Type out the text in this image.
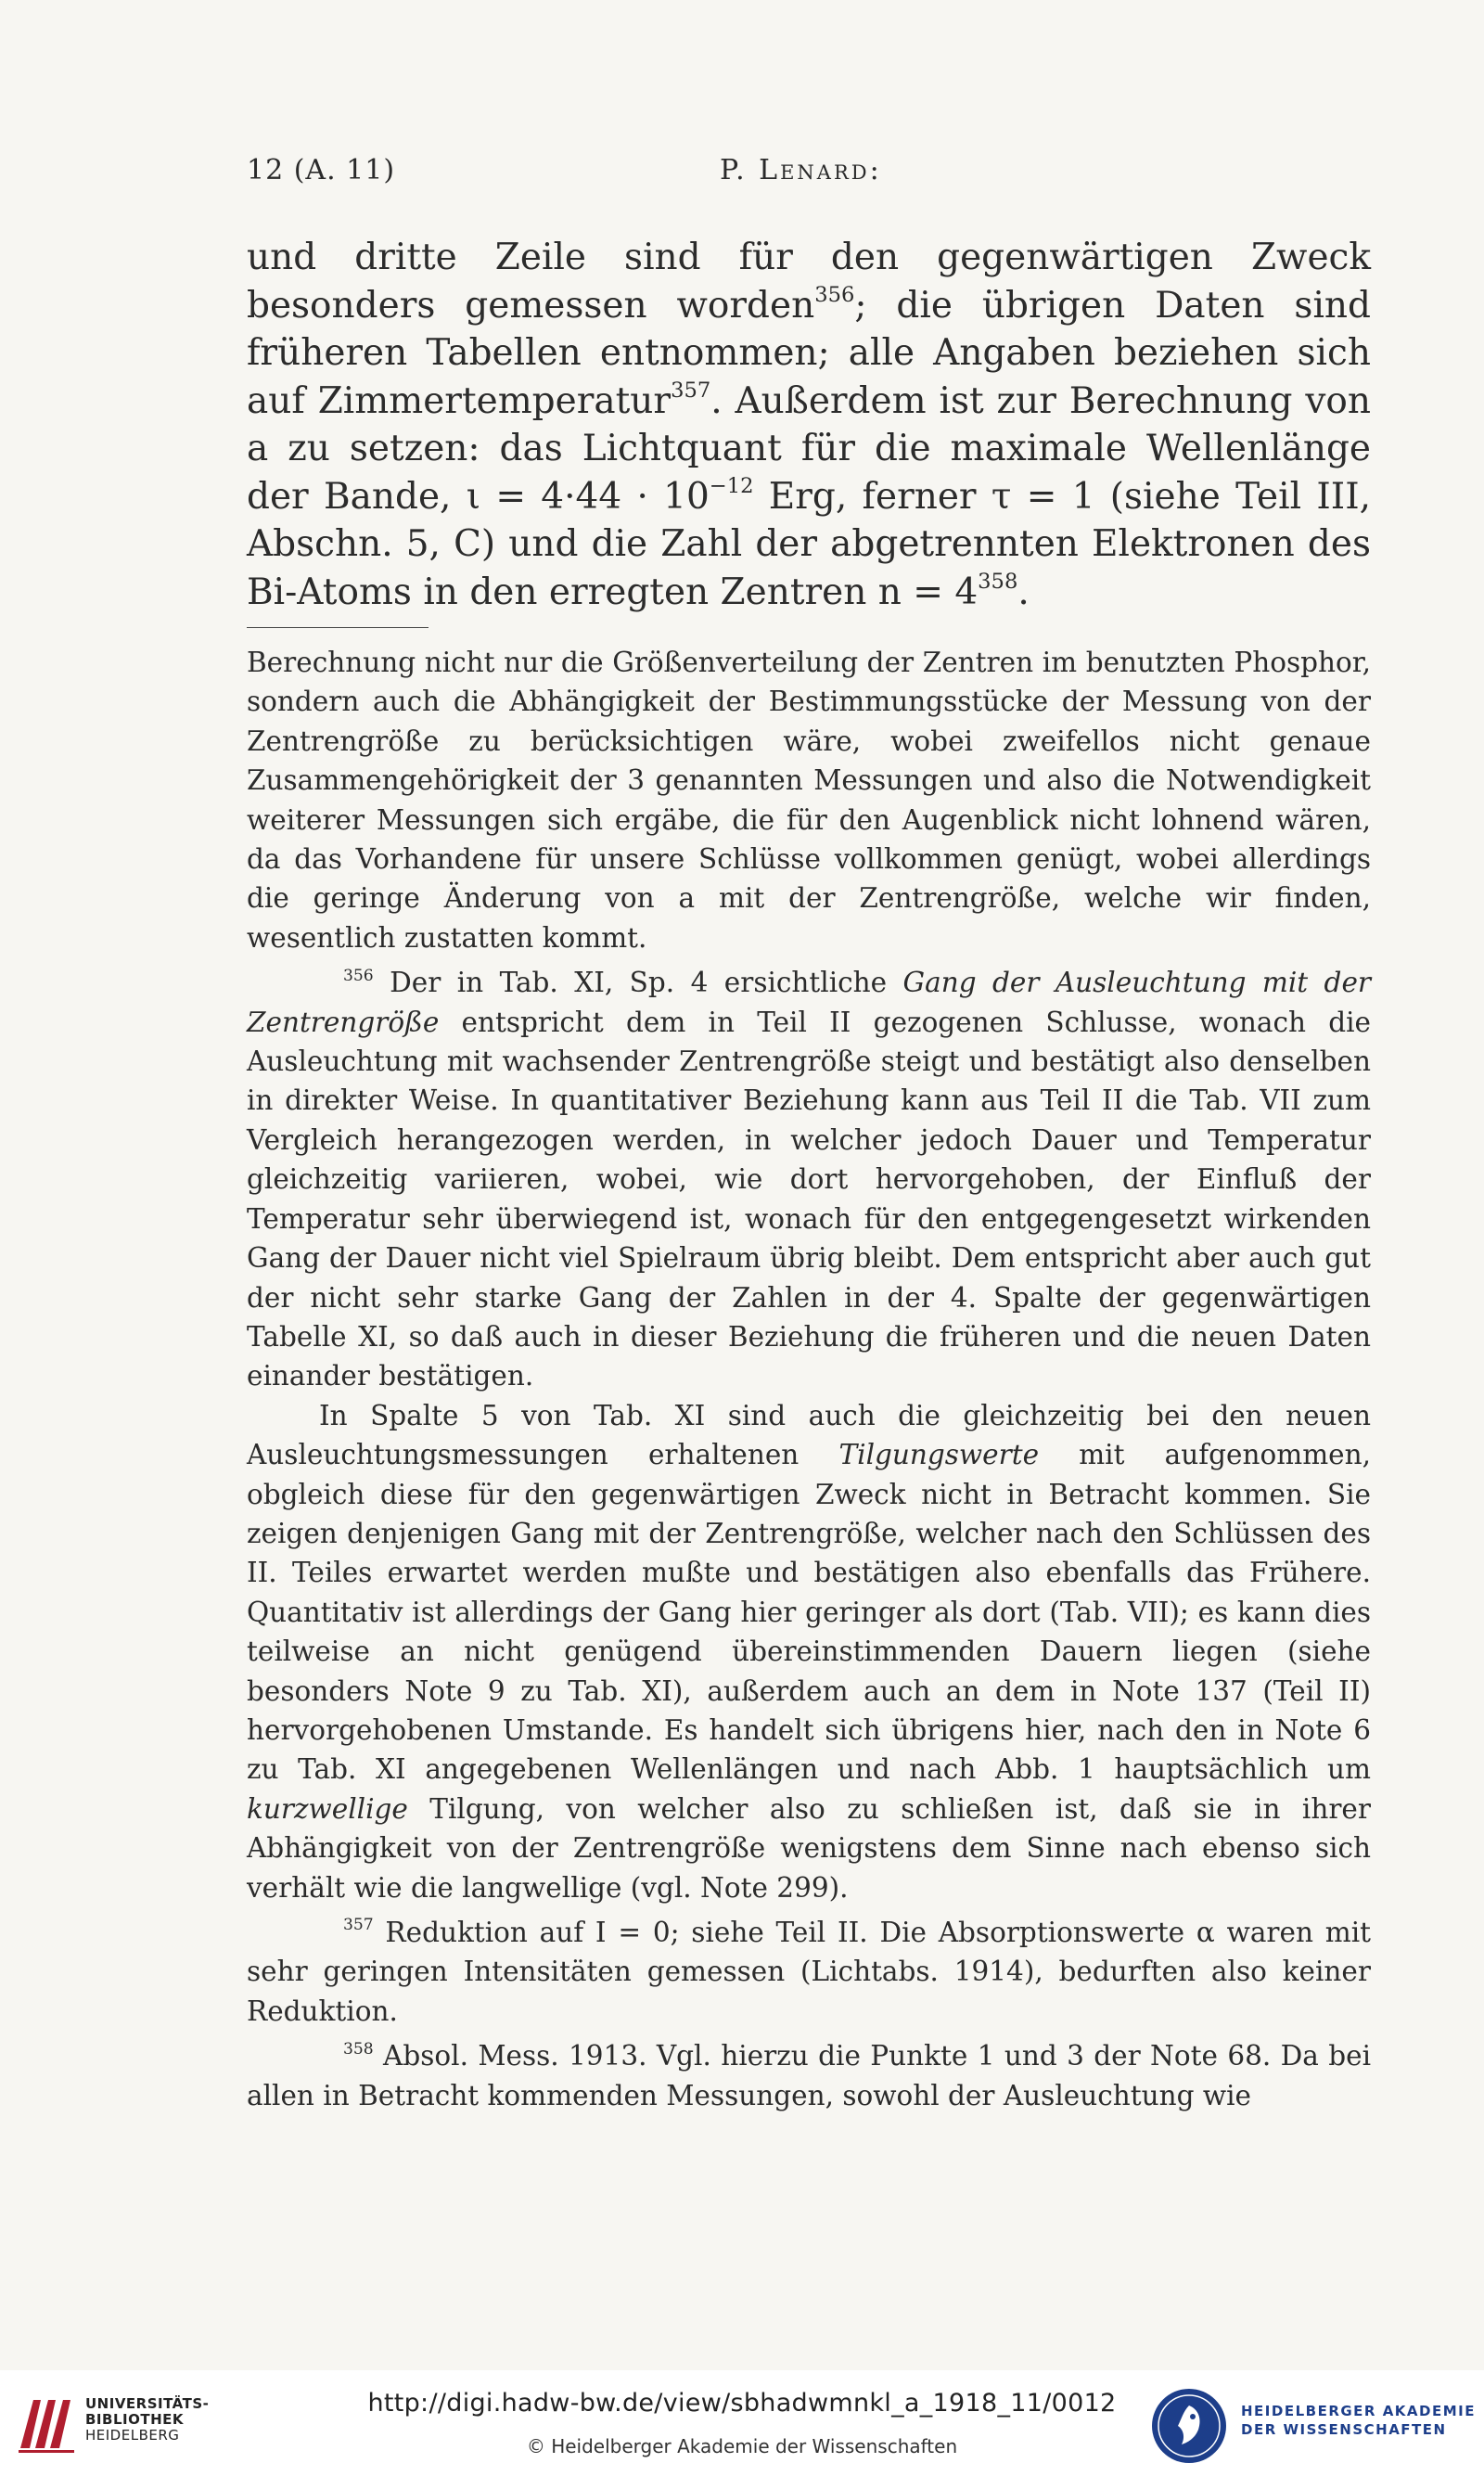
12 (A. 11)	P. Lenard:

und dritte Zeile sind für den gegenwärtigen Zweck besonders gemessen worden$^{356}$; die übrigen Daten sind früheren Tabellen entnommen; alle Angaben beziehen sich auf Zimmertemperatur$^{357}$. Außerdem ist zur Berechnung von a zu setzen: das Lichtquant für die maximale Wellenlänge der Bande, $\iota = 4\cdot 44 \cdot 10^{-12}$ Erg, ferner τ = 1 (siehe Teil III, Abschn. 5, C) und die Zahl der abgetrennten Elektronen des Bi-Atoms in den erregten Zentren $n = 4^{358}$.

Berechnung nicht nur die Größenverteilung der Zentren im benutzten Phosphor, sondern auch die Abhängigkeit der Bestimmungsstücke der Messung von der Zentrengröße zu berücksichtigen wäre, wobei zweifellos nicht genaue Zusammengehörigkeit der 3 genannten Messungen und also die Notwendigkeit weiterer Messungen sich ergäbe, die für den Augenblick nicht lohnend wären, da das Vorhandene für unsere Schlüsse vollkommen genügt, wobei allerdings die geringe Änderung von a mit der Zentrengröße, welche wir finden, wesentlich zustatten kommt.

$^{356}$ Der in Tab. XI, Sp. 4 ersichtliche Gang der Ausleuchtung mit der Zentrengröße entspricht dem in Teil II gezogenen Schlusse, wonach die Ausleuchtung mit wachsender Zentrengröße steigt und bestätigt also denselben in direkter Weise. In quantitativer Beziehung kann aus Teil II die Tab. VII zum Vergleich herangezogen werden, in welcher jedoch Dauer und Temperatur gleichzeitig variieren, wobei, wie dort hervorgehoben, der Einfluß der Temperatur sehr überwiegend ist, wonach für den entgegengesetzt wirkenden Gang der Dauer nicht viel Spielraum übrig bleibt. Dem entspricht aber auch gut der nicht sehr starke Gang der Zahlen in der 4. Spalte der gegenwärtigen Tabelle XI, so daß auch in dieser Beziehung die früheren und die neuen Daten einander bestätigen.

In Spalte 5 von Tab. XI sind auch die gleichzeitig bei den neuen Ausleuchtungsmessungen erhaltenen Tilgungswerte mit aufgenommen, obgleich diese für den gegenwärtigen Zweck nicht in Betracht kommen. Sie zeigen denjenigen Gang mit der Zentrengröße, welcher nach den Schlüssen des II. Teiles erwartet werden mußte und bestätigen also ebenfalls das Frühere. Quantitativ ist allerdings der Gang hier geringer als dort (Tab. VII); es kann dies teilweise an nicht genügend übereinstimmenden Dauern liegen (siehe besonders Note 9 zu Tab. XI), außerdem auch an dem in Note 137 (Teil II) hervorgehobenen Umstande. Es handelt sich übrigens hier, nach den in Note 6 zu Tab. XI angegebenen Wellenlängen und nach Abb. 1 hauptsächlich um kurzwellige Tilgung, von welcher also zu schließen ist, daß sie in ihrer Abhängigkeit von der Zentrengröße wenigstens dem Sinne nach ebenso sich verhält wie die langwellige (vgl. Note 299).

$^{357}$ Reduktion auf I = 0; siehe Teil II. Die Absorptionswerte α waren mit sehr geringen Intensitäten gemessen (Lichtabs. 1914), bedurften also keiner Reduktion.

$^{358}$ Absol. Mess. 1913. Vgl. hierzu die Punkte 1 und 3 der Note 68. Da bei allen in Betracht kommenden Messungen, sowohl der Ausleuchtung wie

UNIVERSITÄTS-
BIBLIOTHEK
HEIDELBERG
http://digi.hadw-bw.de/view/sbhadwmnkl_a_1918_11/0012
© Heidelberger Akademie der Wissenschaften
HEIDELBERGER AKADEMIE
DER WISSENSCHAFTEN
